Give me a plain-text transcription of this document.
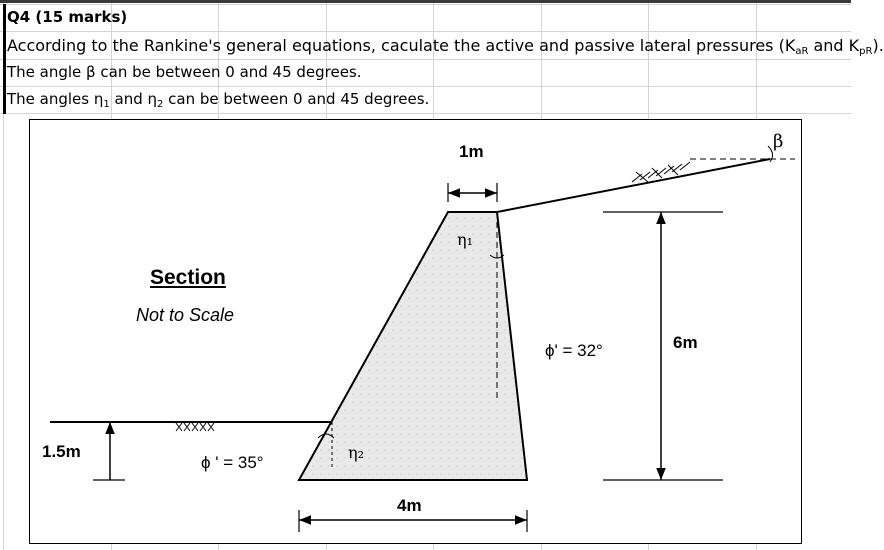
Q4 (15 marks)
According to the Rankine's general equations, caculate the active and passive lateral pressures ($K_{aR}$ and $K_{pR}$).
The angle β can be between 0 and 45 degrees.
The angles $\eta_1$ and $\eta_2$ can be between 0 and 45 degrees.
1m
4m
6m
1.5m
Section
Not to Scale
ϕ' = 32°
ϕ ' = 35°
β
η₁
η₂
